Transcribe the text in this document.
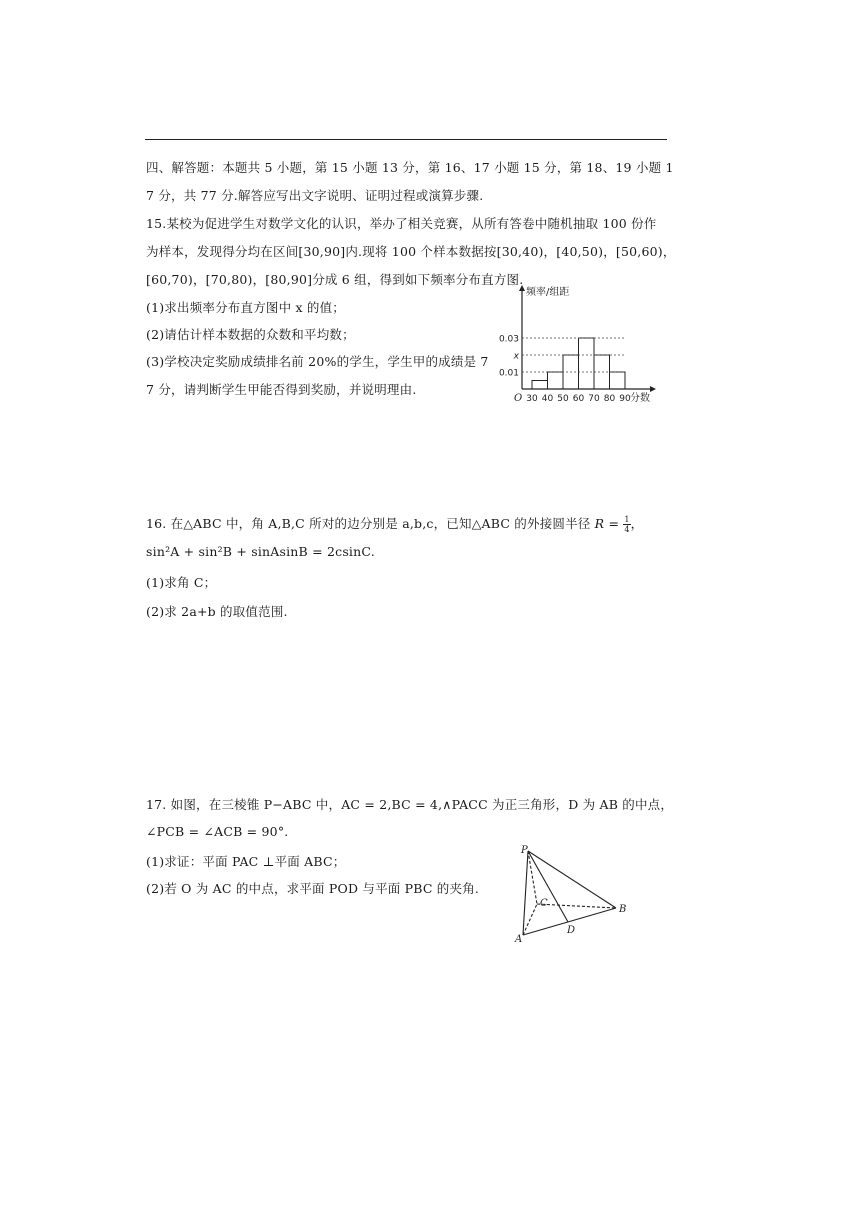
四、解答题：本题共 5 小题，第 15 小题 13 分，第 16、17 小题 15 分，第 18、19 小题 1
7 分，共 77 分.解答应写出文字说明、证明过程或演算步骤.
15.某校为促进学生对数学文化的认识，举办了相关竞赛，从所有答卷中随机抽取 100 份作
为样本，发现得分均在区间[30,90]内.现将 100 个样本数据按[30,40)，[40,50)，[50,60)，
[60,70)，[70,80)，[80,90]分成 6 组，得到如下频率分布直方图.
(1)求出频率分布直方图中 x 的值；
(2)请估计样本数据的众数和平均数；
(3)学校决定奖励成绩排名前 20%的学生，学生甲的成绩是 7
7 分，请判断学生甲能否得到奖励，并说明理由.
0.03
x
0.01
30 40 50 60 70 80 90
O
频率/组距
分数
16. 在△ABC 中，角 A,B,C 所对的边分别是 a,b,c，已知△ABC 的外接圆半径 $R = \frac{1}{4}$ ，
sin²A + sin²B + sinAsinB = 2csinC.
(1)求角 C；
(2)求 2a+b 的取值范围.
17. 如图，在三棱锥 P−ABC 中，AC = 2,BC = 4,∧PACC 为正三角形，D 为 AB 的中点，
∠PCB = ∠ACB = 90°.
(1)求证：平面 PAC ⊥平面 ABC；
(2)若 O 为 AC 的中点，求平面 POD 与平面 PBC 的夹角.
P
C
A
D
B
